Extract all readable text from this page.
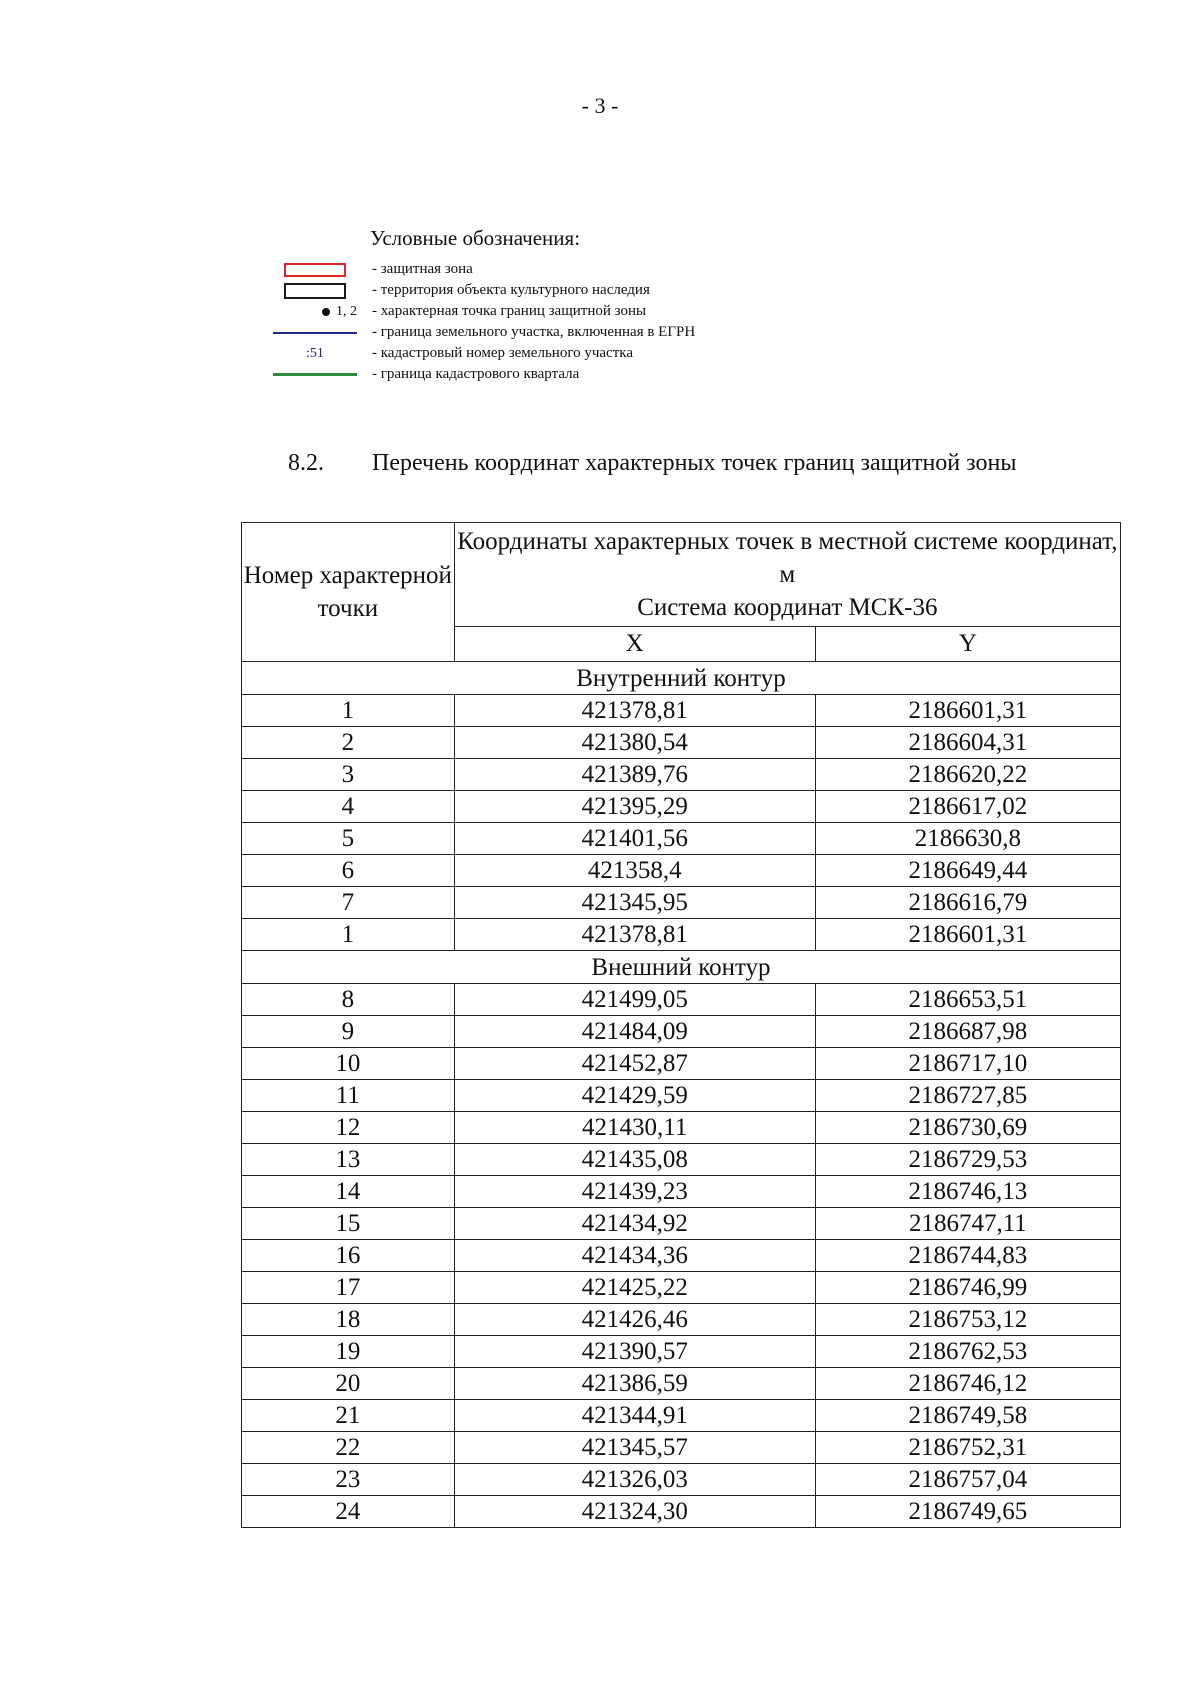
- 3 -
Условные обозначения:
- защитная зона
- территория объекта культурного наследия
1, 2	- характерная точка границ защитной зоны
- граница земельного участка, включенная в ЕГРН
:51	- кадастровый номер земельного участка
- граница кадастрового квартала
8.2.	Перечень координат характерных точек границ защитной зоны
Номер характерной точки	Координаты характерных точек в местной системе координат, м
Система координат МСК-36	

	X	Y
Внутренний контур		
1	421378,81	2186601,31
2	421380,54	2186604,31
3	421389,76	2186620,22
4	421395,29	2186617,02
5	421401,56	2186630,8
6	421358,4	2186649,44
7	421345,95	2186616,79
1	421378,81	2186601,31
Внешний контур		
8	421499,05	2186653,51
9	421484,09	2186687,98
10	421452,87	2186717,10
11	421429,59	2186727,85
12	421430,11	2186730,69
13	421435,08	2186729,53
14	421439,23	2186746,13
15	421434,92	2186747,11
16	421434,36	2186744,83
17	421425,22	2186746,99
18	421426,46	2186753,12
19	421390,57	2186762,53
20	421386,59	2186746,12
21	421344,91	2186749,58
22	421345,57	2186752,31
23	421326,03	2186757,04
24	421324,30	2186749,65
